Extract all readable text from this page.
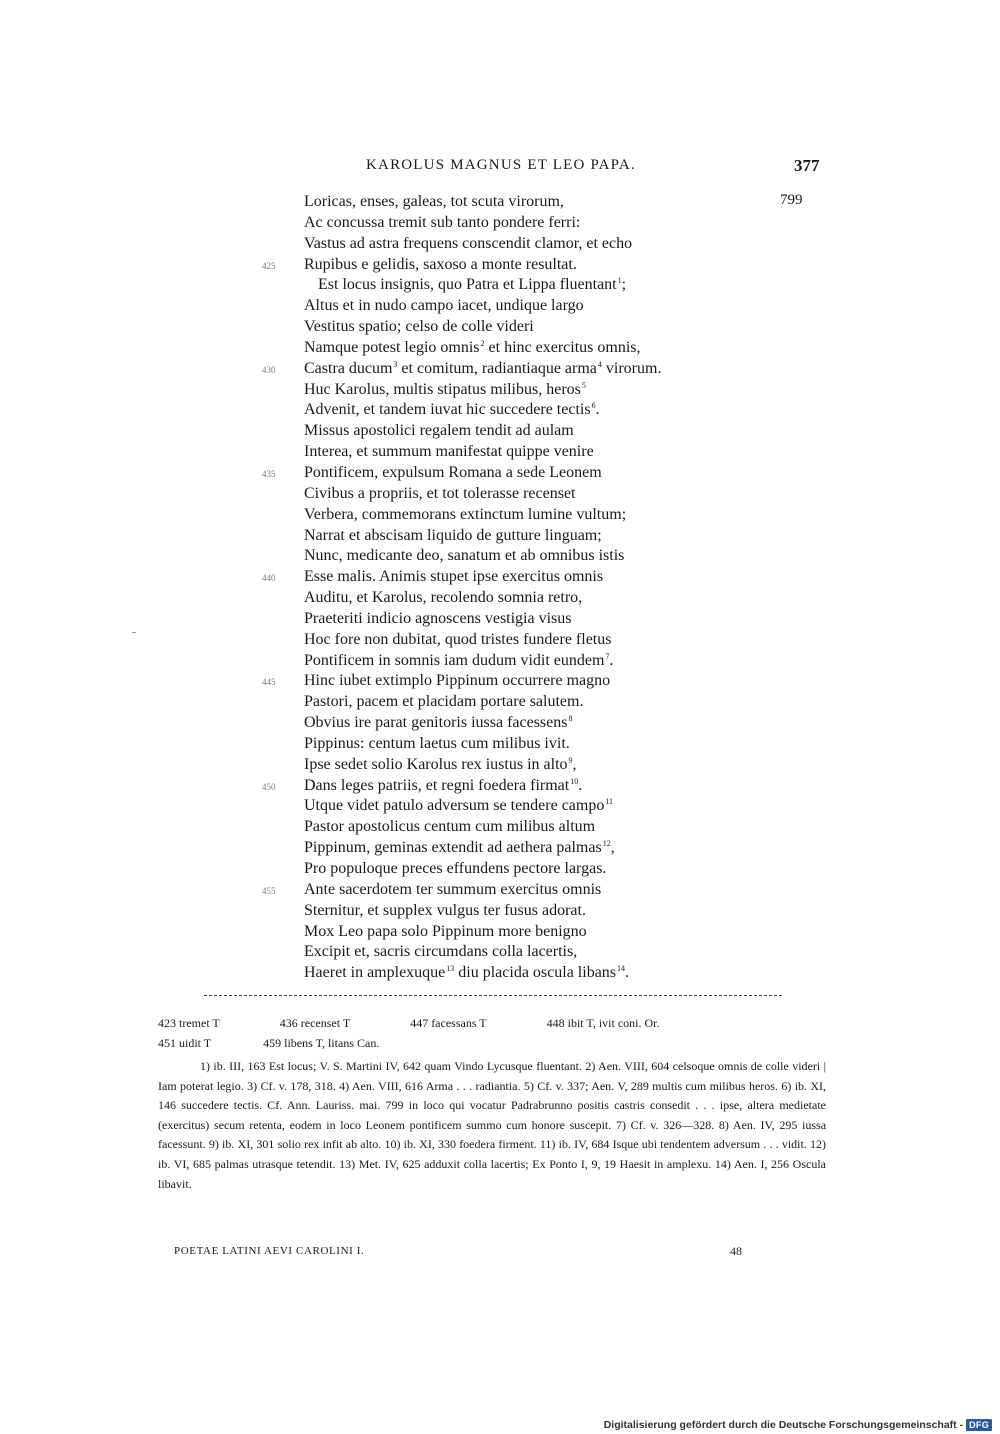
KAROLUS MAGNUS ET LEO PAPA.	377
799
Loricas, enses, galeas, tot scuta virorum,
Ac concussa tremit sub tanto pondere ferri:
Vastus ad astra frequens conscendit clamor, et echo
425 Rupibus e gelidis, saxoso a monte resultat.
Est locus insignis, quo Patra et Lippa fluentant$^1$;
Altus et in nudo campo iacet, undique largo
Vestitus spatio; celso de colle videri
Namque potest legio omnis$^2$ et hinc exercitus omnis,
430 Castra ducum$^3$ et comitum, radiantiaque arma$^4$ virorum.
Huc Karolus, multis stipatus milibus, heros$^5$
Advenit, et tandem iuvat hic succedere tectis$^6$.
Missus apostolici regalem tendit ad aulam
Interea, et summum manifestat quippe venire
435 Pontificem, expulsum Romana a sede Leonem
Civibus a propriis, et tot tolerasse recenset
Verbera, commemorans extinctum lumine vultum;
Narrat et abscisam liquido de gutture linguam;
Nunc, medicante deo, sanatum et ab omnibus istis
440 Esse malis. Animis stupet ipse exercitus omnis
Auditu, et Karolus, recolendo somnia retro,
Praeteriti indicio agnoscens vestigia visus
Hoc fore non dubitat, quod tristes fundere fletus
Pontificem in somnis iam dudum vidit eundem$^7$.
445 Hinc iubet extimplo Pippinum occurrere magno
Pastori, pacem et placidam portare salutem.
Obvius ire parat genitoris iussa facessens$^8$
Pippinus: centum laetus cum milibus ivit.
Ipse sedet solio Karolus rex iustus in alto$^9$,
450 Dans leges patriis, et regni foedera firmat$^{10}$.
Utque videt patulo adversum se tendere campo$^{11}$
Pastor apostolicus centum cum milibus altum
Pippinum, geminas extendit ad aethera palmas$^{12}$,
Pro populoque preces effundens pectore largas.
455 Ante sacerdotem ter summum exercitus omnis
Sternitur, et supplex vulgus ter fusus adorat.
Mox Leo papa solo Pippinum more benigno
Excipit et, sacris circumdans colla lacertis,
Haeret in amplexuque$^{13}$ diu placida oscula libans$^{14}$.
423 tremet T	436 recenset T	447 facessans T	448 ibit T, ivit coni. Or.
451 uidit T	459 libens T, litans Can.
1) ib. III, 163 Est locus; V. S. Martini IV, 642 quam Vindo Lycusque fluentant. 2) Aen. VIII, 604 celsoque omnis de colle videri | Iam poterat legio. 3) Cf. v. 178, 318. 4) Aen. VIII, 616 Arma . . . radiantia. 5) Cf. v. 337; Aen. V, 289 multis cum milibus heros. 6) ib. XI, 146 succedere tectis. Cf. Ann. Lauriss. mai. 799 in loco qui vocatur Padrabrunno positis castris consedit . . . ipse, altera medietate (exercitus) secum retenta, eodem in loco Leonem pontificem summo cum honore suscepit. 7) Cf. v. 326—328. 8) Aen. IV, 295 iussa facessunt. 9) ib. XI, 301 solio rex infit ab alto. 10) ib. XI, 330 foedera firment. 11) ib. IV, 684 Isque ubi tendentem adversum . . . vidit. 12) ib. VI, 685 palmas utrasque tetendit. 13) Met. IV, 625 adduxit colla lacertis; Ex Ponto I, 9, 19 Haesit in amplexu. 14) Aen. I, 256 Oscula libavit.
POETAE LATINI AEVI CAROLINI I.	48
Digitalisierung gefördert durch die Deutsche Forschungsgemeinschaft - DFG
